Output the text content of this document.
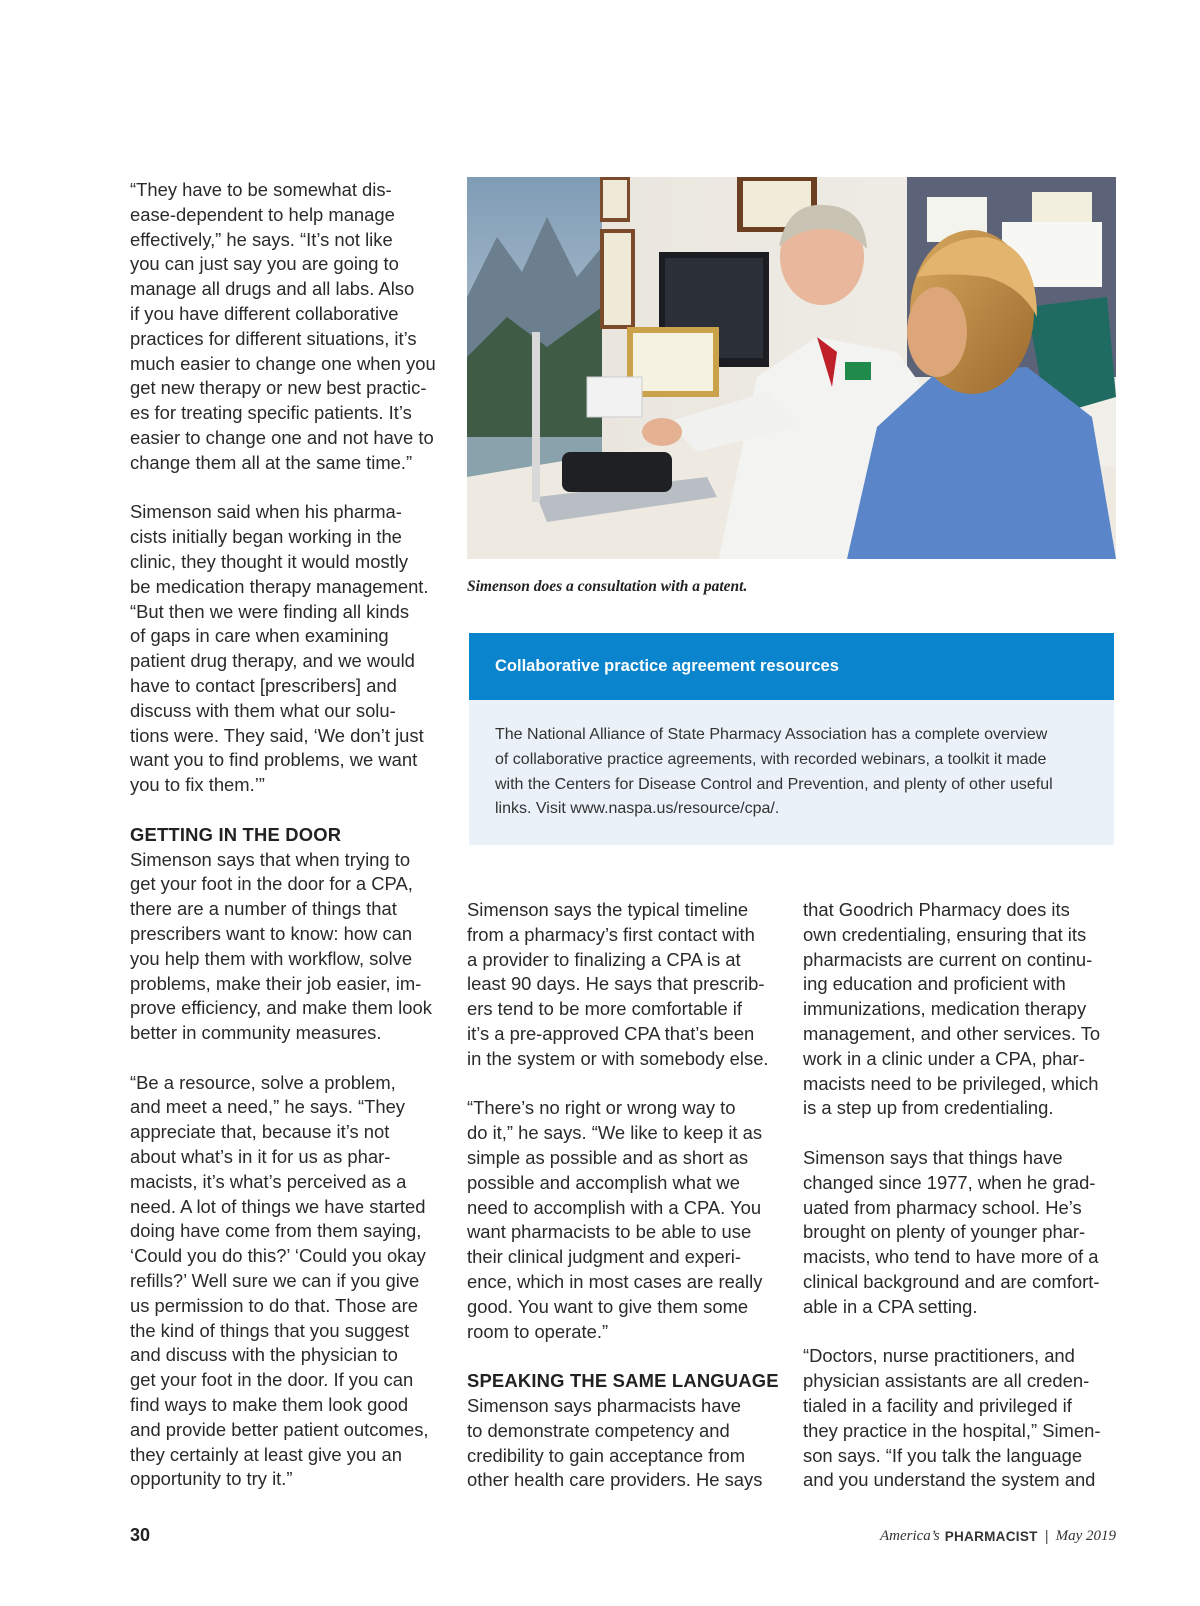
“They have to be somewhat dis-
ease-dependent to help manage
effectively,” he says. “It’s not like
you can just say you are going to
manage all drugs and all labs. Also
if you have different collaborative
practices for different situations, it’s
much easier to change one when you
get new therapy or new best practic-
es for treating specific patients. It’s
easier to change one and not have to
change them all at the same time.”

Simenson said when his pharma-
cists initially began working in the
clinic, they thought it would mostly
be medication therapy management.
“But then we were finding all kinds
of gaps in care when examining
patient drug therapy, and we would
have to contact [prescribers] and
discuss with them what our solu-
tions were. They said, ‘We don’t just
want you to find problems, we want
you to fix them.’”

GETTING IN THE DOOR

Simenson says that when trying to
get your foot in the door for a CPA,
there are a number of things that
prescribers want to know: how can
you help them with workflow, solve
problems, make their job easier, im-
prove efficiency, and make them look
better in community measures.

“Be a resource, solve a problem,
and meet a need,” he says. “They
appreciate that, because it’s not
about what’s in it for us as phar-
macists, it’s what’s perceived as a
need. A lot of things we have started
doing have come from them saying,
‘Could you do this?’ ‘Could you okay
refills?’ Well sure we can if you give
us permission to do that. Those are
the kind of things that you suggest
and discuss with the physician to
get your foot in the door. If you can
find ways to make them look good
and provide better patient outcomes,
they certainly at least give you an
opportunity to try it.”

Simenson does a consultation with a patent.
Collaborative practice agreement resources
The National Alliance of State Pharmacy Association has a complete overview
of collaborative practice agreements, with recorded webinars, a toolkit it made
with the Centers for Disease Control and Prevention, and plenty of other useful
links. Visit www.naspa.us/resource/cpa/.

Simenson says the typical timeline
from a pharmacy’s first contact with
a provider to finalizing a CPA is at
least 90 days. He says that prescrib-
ers tend to be more comfortable if
it’s a pre-approved CPA that’s been
in the system or with somebody else.

“There’s no right or wrong way to
do it,” he says. “We like to keep it as
simple as possible and as short as
possible and accomplish what we
need to accomplish with a CPA. You
want pharmacists to be able to use
their clinical judgment and experi-
ence, which in most cases are really
good. You want to give them some
room to operate.”

SPEAKING THE SAME LANGUAGE

Simenson says pharmacists have
to demonstrate competency and
credibility to gain acceptance from
other health care providers. He says

that Goodrich Pharmacy does its
own credentialing, ensuring that its
pharmacists are current on continu-
ing education and proficient with
immunizations, medication therapy
management, and other services. To
work in a clinic under a CPA, phar-
macists need to be privileged, which
is a step up from credentialing.

Simenson says that things have
changed since 1977, when he grad-
uated from pharmacy school. He’s
brought on plenty of younger phar-
macists, who tend to have more of a
clinical background and are comfort-
able in a CPA setting.

“Doctors, nurse practitioners, and
physician assistants are all creden-
tialed in a facility and privileged if
they practice in the hospital,” Simen-
son says. “If you talk the language
and you understand the system and

30	America’s PHARMACIST | May 2019
